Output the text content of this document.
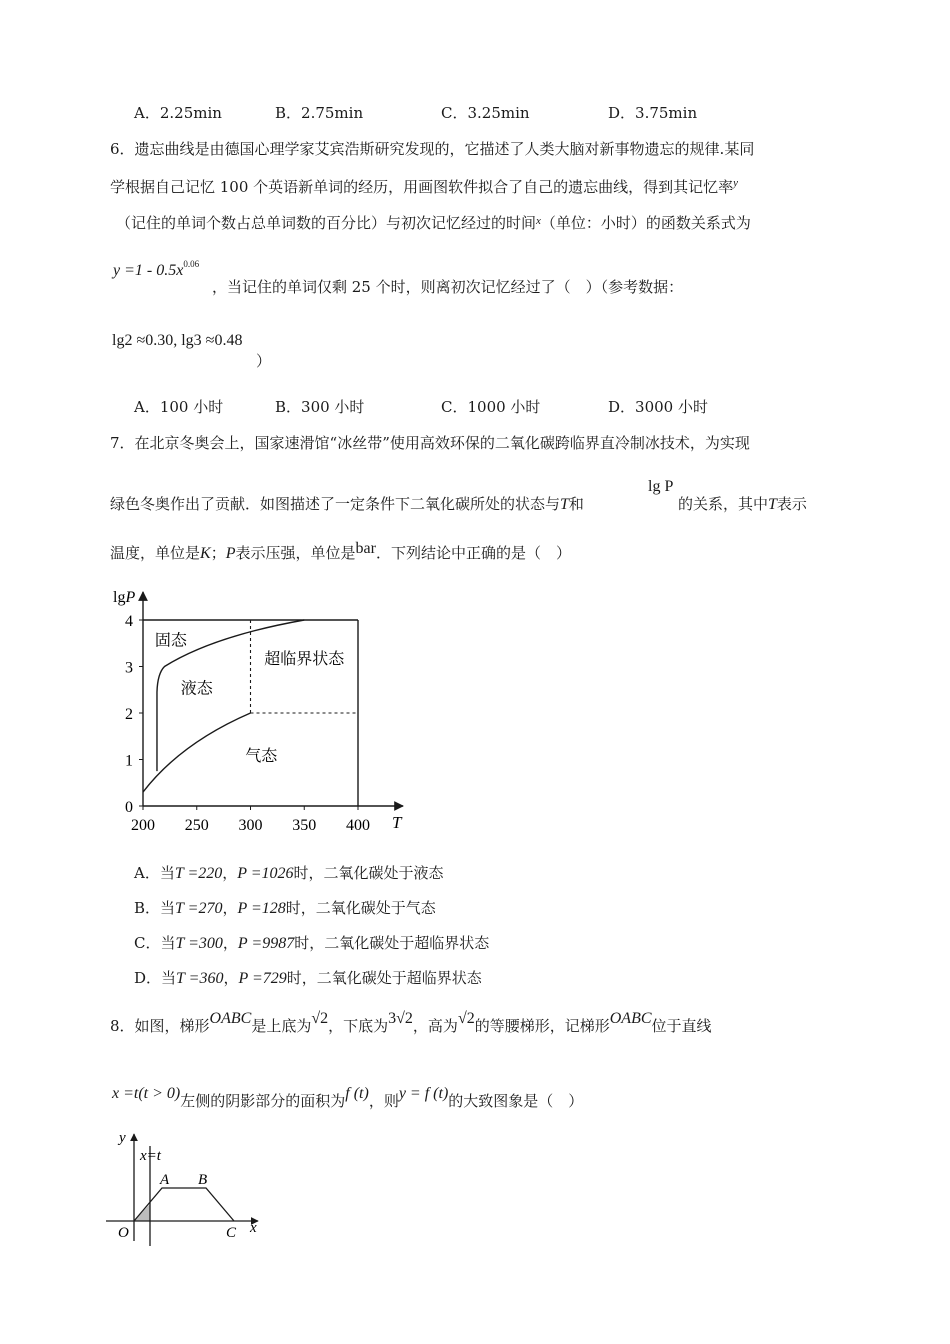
A．2.25min	B．2.75min	C．3.25min	D．3.75min
6．遗忘曲线是由德国心理学家艾宾浩斯研究发现的，它描述了人类大脑对新事物遗忘的规律.某同
学根据自己记忆 100 个英语新单词的经历，用画图软件拟合了自己的遗忘曲线，得到其记忆率$^y$
（记住的单词个数占总单词数的百分比）与初次记忆经过的时间$^x$（单位：小时）的函数关系式为
$y =1 - 0.5x^{0.06}$
，当记住的单词仅剩 25 个时，则离初次记忆经过了（　）（参考数据：
lg2 ≈0.30, lg3 ≈0.48
）
A．100 小时	B．300 小时	C．1000 小时	D．3000 小时
7．在北京冬奥会上，国家速滑馆“冰丝带”使用高效环保的二氧化碳跨临界直冷制冰技术，为实现
绿色冬奥作出了贡献．如图描述了一定条件下二氧化碳所处的状态与T和
lg P
的关系，其中T表示
温度，单位是K；P表示压强，单位是bar．下列结论中正确的是（　）
lgP
T
200 250 300 350 400
0
1
2
3
4
固态
液态
超临界状态
气态
A．当T =220，P =1026时，二氧化碳处于液态
B．当T =270，P =128时，二氧化碳处于气态
C．当T =300，P =9987时，二氧化碳处于超临界状态
D．当T =360，P =729时，二氧化碳处于超临界状态
8．如图，梯形OABC是上底为√2，下底为3√2，高为√2的等腰梯形，记梯形OABC位于直线
x =t(t > 0)左侧的阴影部分的面积为f (t)，则y = f (t)的大致图象是（　）
y
x=t
A B
O	C x
